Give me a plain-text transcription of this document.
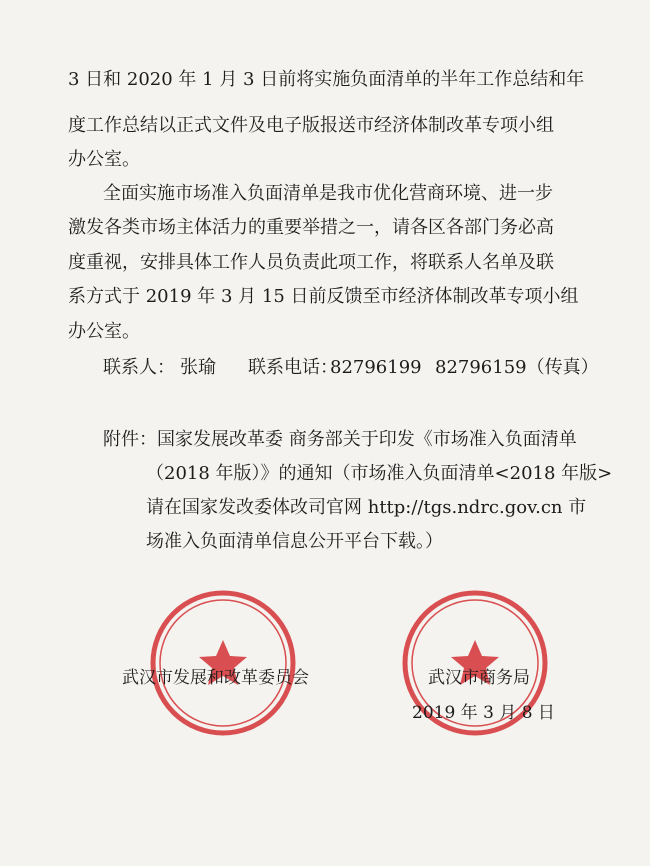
3 日和 2020 年 1 月 3 日前将实施负面清单的半年工作总结和年
度工作总结以正式文件及电子版报送市经济体制改革专项小组
办公室。
全面实施市场准入负面清单是我市优化营商环境、进一步
激发各类市场主体活力的重要举措之一，请各区各部门务必高
度重视，安排具体工作人员负责此项工作，将联系人名单及联
系方式于 2019 年 3 月 15 日前反馈至市经济体制改革专项小组
办公室。
联系人： 张瑜 联系电话：
82796199 82796159（传真）
附件：国家发展改革委 商务部关于印发《市场准入负面清单
（2018 年版）》的通知（市场准入负面清单<2018 年版>
请在国家发改委体改司官网 http://tgs.ndrc.gov.cn 市
场准入负面清单信息公开平台下载。）
武汉市发展和改革委员会	武汉市商务局
2019 年 3 月 8 日
